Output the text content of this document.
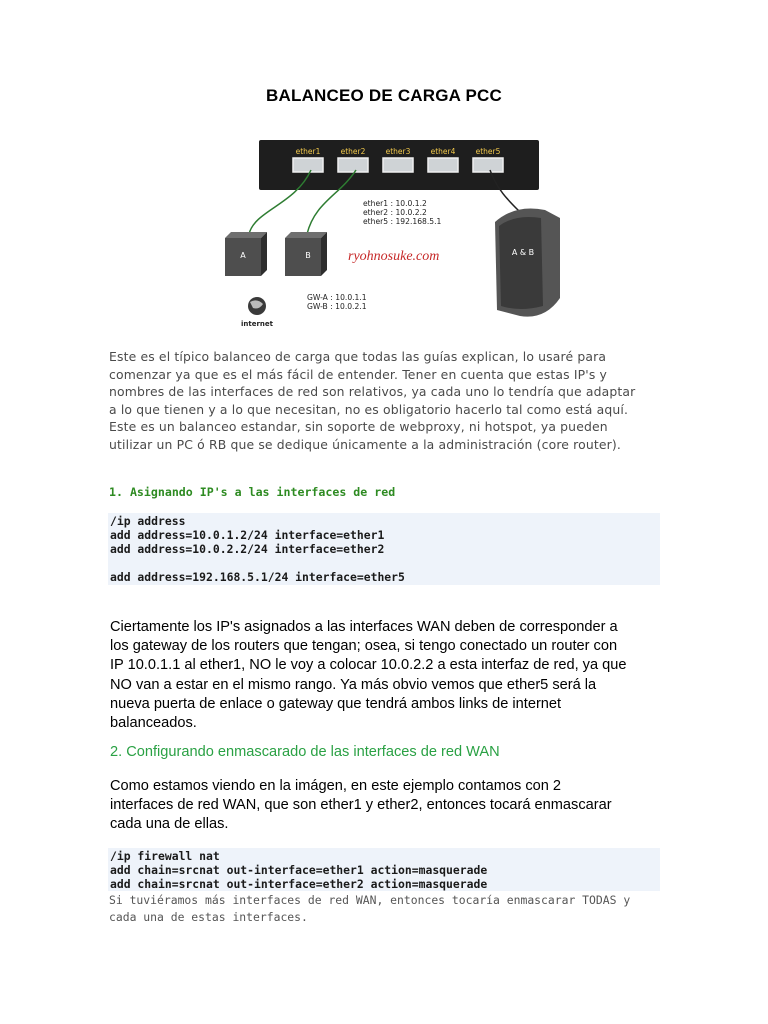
BALANCEO DE CARGA PCC
ether1	ether2	ether3	ether4	ether5
ether1 : 10.0.1.2 ether2 : 10.0.2.2 ether5 : 192.168.5.1
A	B	ryohnosuke.com	A & B
internet
GW-A : 10.0.1.1 GW-B : 10.0.2.1
Este es el típico balanceo de carga que todas las guías explican, lo usaré para
comenzar ya que es el más fácil de entender. Tener en cuenta que estas IP's y
nombres de las interfaces de red son relativos, ya cada uno lo tendría que adaptar
a lo que tienen y a lo que necesitan, no es obligatorio hacerlo tal como está aquí.
Este es un balanceo estandar, sin soporte de webproxy, ni hotspot, ya pueden
utilizar un PC ó RB que se dedique únicamente a la administración (core router).
1. Asignando IP's a las interfaces de red
/ip address
add address=10.0.1.2/24 interface=ether1
add address=10.0.2.2/24 interface=ether2
add address=192.168.5.1/24 interface=ether5
Ciertamente los IP's asignados a las interfaces WAN deben de corresponder a
los gateway de los routers que tengan; osea, si tengo conectado un router con
IP 10.0.1.1 al ether1, NO le voy a colocar 10.0.2.2 a esta interfaz de red, ya que
NO van a estar en el mismo rango. Ya más obvio vemos que ether5 será la
nueva puerta de enlace o gateway que tendrá ambos links de internet
balanceados.
2. Configurando enmascarado de las interfaces de red WAN
Como estamos viendo en la imágen, en este ejemplo contamos con 2
interfaces de red WAN, que son ether1 y ether2, entonces tocará enmascarar
cada una de ellas.
/ip firewall nat
add chain=srcnat out-interface=ether1 action=masquerade
add chain=srcnat out-interface=ether2 action=masquerade
Si tuviéramos más interfaces de red WAN, entonces tocaría enmascarar TODAS y
cada una de estas interfaces.
